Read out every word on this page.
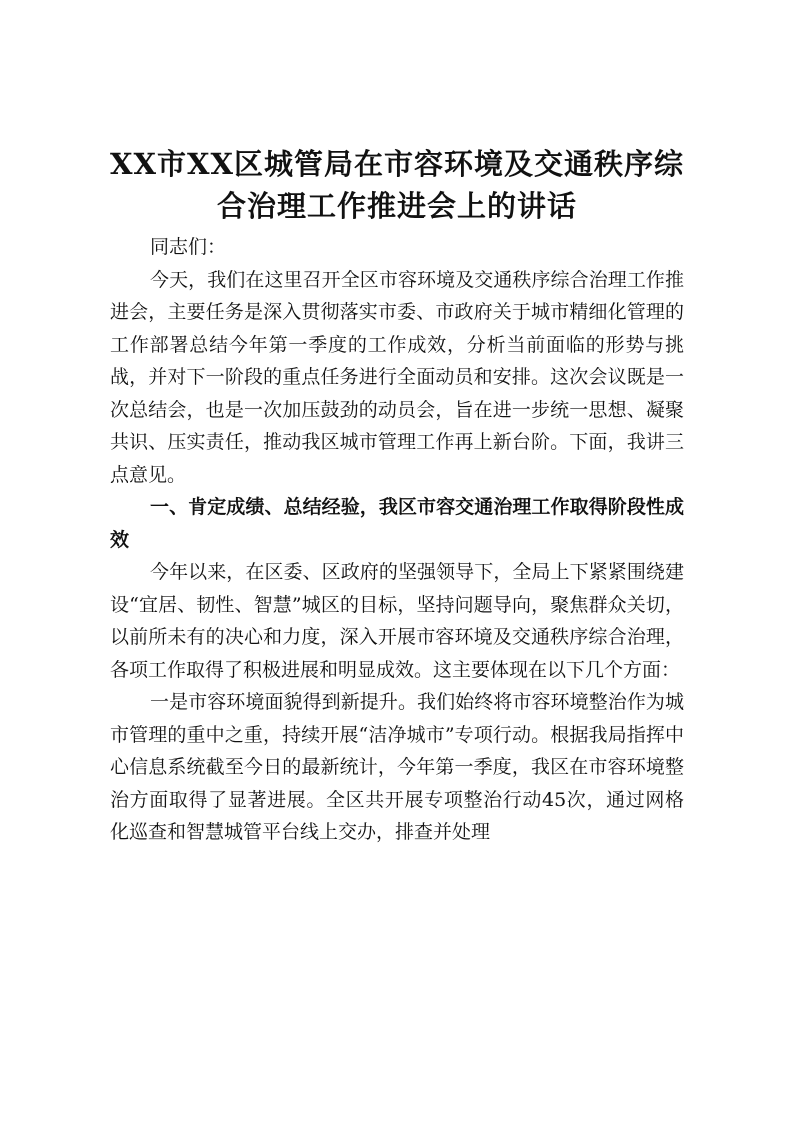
XX市XX区城管局在市容环境及交通秩序综合治理工作推进会上的讲话

同志们：

今天，我们在这里召开全区市容环境及交通秩序综合治理工作推进会，主要任务是深入贯彻落实市委、市政府关于城市精细化管理的工作部署总结今年第一季度的工作成效，分析当前面临的形势与挑战，并对下一阶段的重点任务进行全面动员和安排。这次会议既是一次总结会，也是一次加压鼓劲的动员会，旨在进一步统一思想、凝聚共识、压实责任，推动我区城市管理工作再上新台阶。下面，我讲三点意见。

一、肯定成绩、总结经验，我区市容交通治理工作取得阶段性成效

今年以来，在区委、区政府的坚强领导下，全局上下紧紧围绕建设“宜居、韧性、智慧”城区的目标，坚持问题导向，聚焦群众关切，以前所未有的决心和力度，深入开展市容环境及交通秩序综合治理，各项工作取得了积极进展和明显成效。这主要体现在以下几个方面：

一是市容环境面貌得到新提升。我们始终将市容环境整治作为城市管理的重中之重，持续开展“洁净城市”专项行动。根据我局指挥中心信息系统截至今日的最新统计，今年第一季度，我区在市容环境整治方面取得了显著进展。全区共开展专项整治行动45次，通过网格化巡查和智慧城管平台线上交办，排查并处理
